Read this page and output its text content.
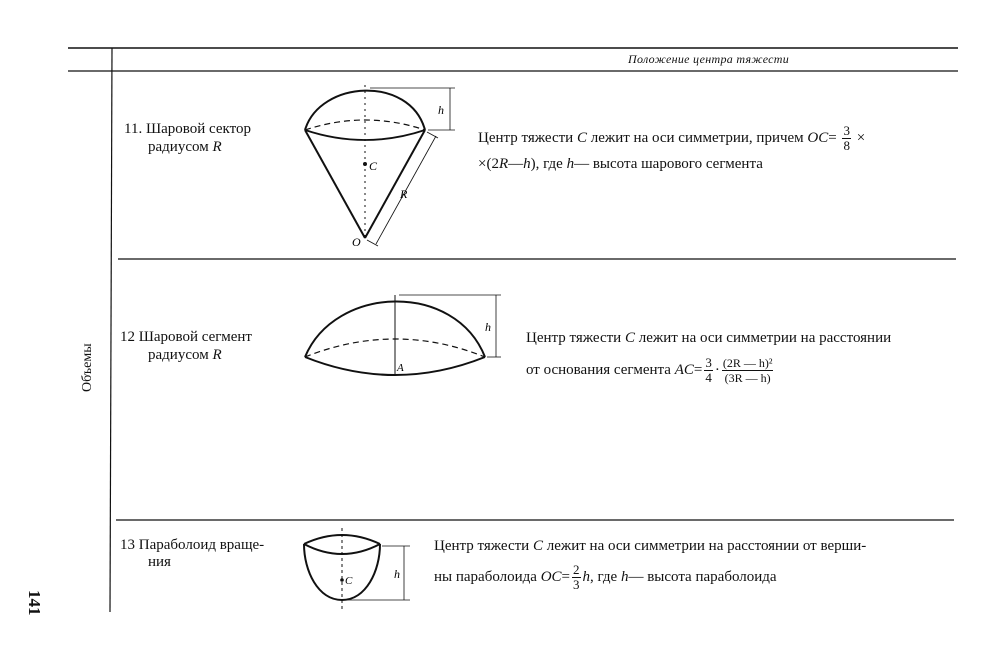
Положение центра тяжести
Объемы
141
11. Шаровой сектор
радиусом R
h
C
R
O
Центр тяжести C лежит на оси симметрии, причем $OC= \frac{3}{8}$ ×
×(2R—h), где h— высота шарового сегмента
12 Шаровой сегмент
радиусом R
h
A
Центр тяжести C лежит на оси симметрии на расстоянии
от основания сегмента $AC= \frac{3}{4} \cdot \frac{\text{(2R — h)²}}{(3R — h)}$
13 Параболоид враще-
ния
h
C
Центр тяжести C лежит на оси симметрии на расстоянии от верши-
ны параболоида $OC= \frac{2}{3} h$, где h— высота параболоида
